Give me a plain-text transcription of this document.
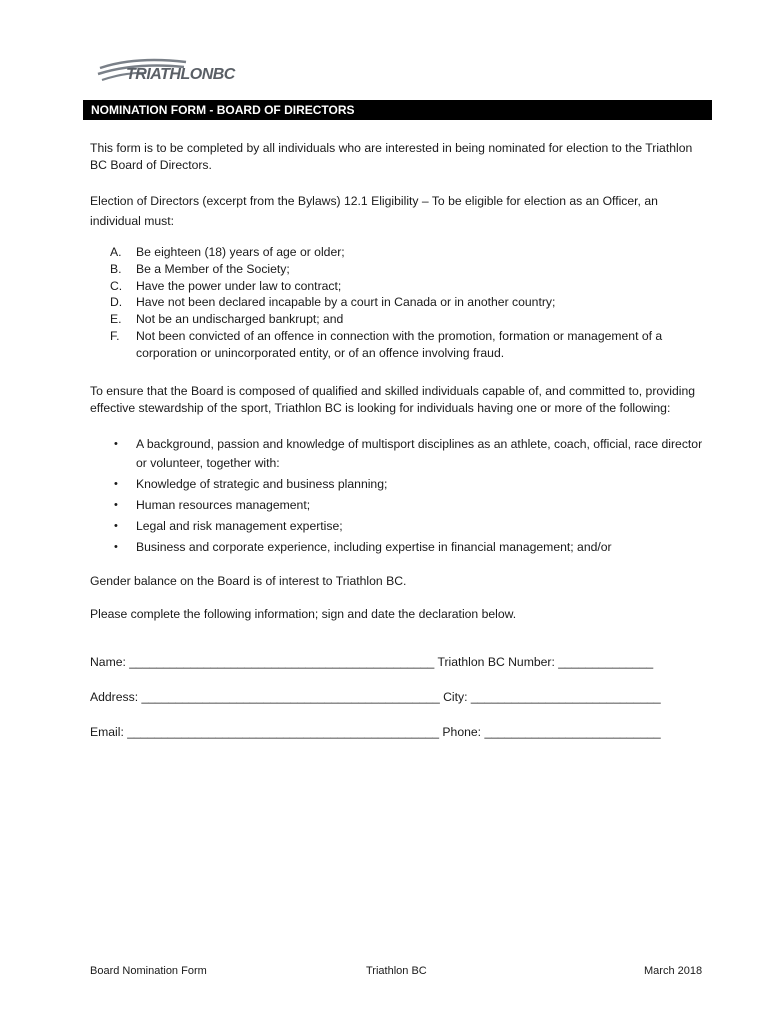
TRIATHLONBC
NOMINATION FORM - BOARD OF DIRECTORS

This form is to be completed by all individuals who are interested in being nominated for election to the Triathlon BC Board of Directors.

Election of Directors (excerpt from the Bylaws) 12.1 Eligibility – To be eligible for election as an Officer, an individual must:

A. Be eighteen (18) years of age or older;
B. Be a Member of the Society;
C. Have the power under law to contract;
D. Have not been declared incapable by a court in Canada or in another country;
E. Not be an undischarged bankrupt; and
F. Not been convicted of an offence in connection with the promotion, formation or management of a corporation or unincorporated entity, or of an offence involving fraud.

To ensure that the Board is composed of qualified and skilled individuals capable of, and committed to, providing effective stewardship of the sport, Triathlon BC is looking for individuals having one or more of the following:

• A background, passion and knowledge of multisport disciplines as an athlete, coach, official, race director or volunteer, together with:
• Knowledge of strategic and business planning;
• Human resources management;
• Legal and risk management expertise;
• Business and corporate experience, including expertise in financial management; and/or

Gender balance on the Board is of interest to Triathlon BC.

Please complete the following information; sign and date the declaration below.

Name: _____________________________________________ Triathlon BC Number: ______________
Address: ____________________________________________ City: ____________________________
Email: ______________________________________________ Phone: __________________________
Board Nomination Form	Triathlon BC	March 2018
